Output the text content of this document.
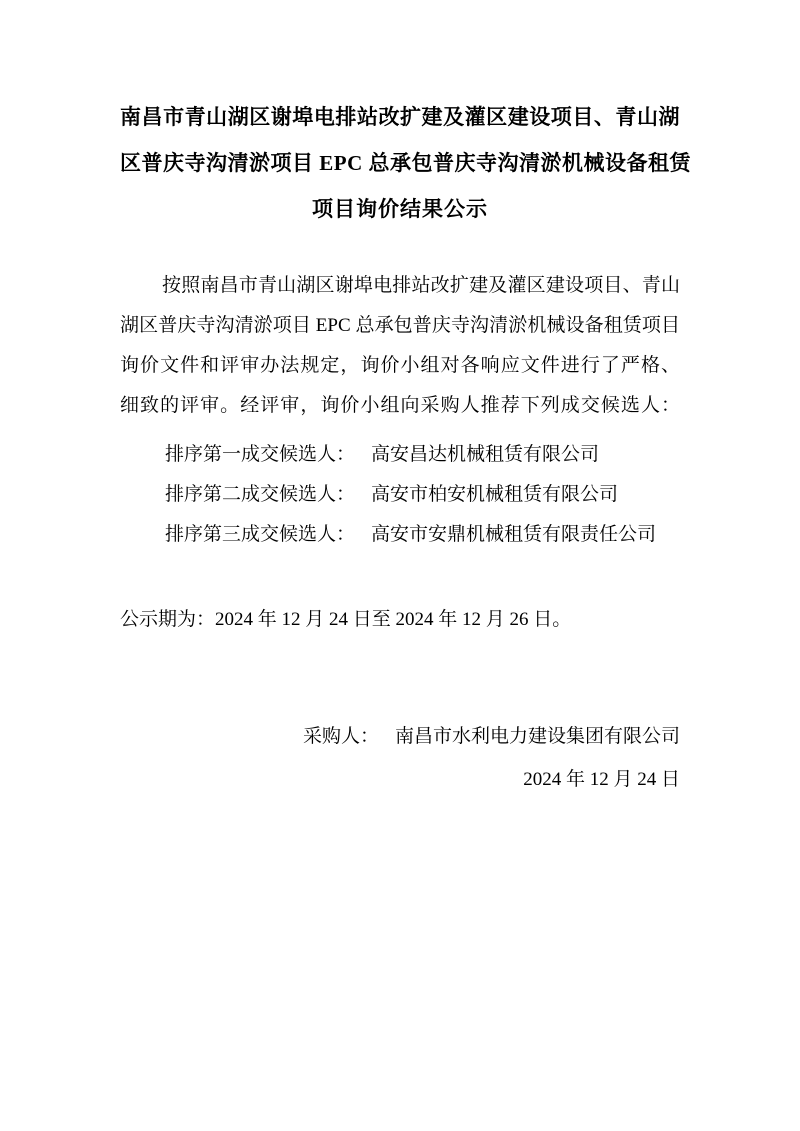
南昌市青山湖区谢埠电排站改扩建及灌区建设项目、青山湖
区普庆寺沟清淤项目 EPC 总承包普庆寺沟清淤机械设备租赁
项目询价结果公示
按照南昌市青山湖区谢埠电排站改扩建及灌区建设项目、青山
湖区普庆寺沟清淤项目 EPC 总承包普庆寺沟清淤机械设备租赁项目
询价文件和评审办法规定，询价小组对各响应文件进行了严格、
细致的评审。经评审，询价小组向采购人推荐下列成交候选人：
排序第一成交候选人： 高安昌达机械租赁有限公司
排序第二成交候选人： 高安市柏安机械租赁有限公司
排序第三成交候选人： 高安市安鼎机械租赁有限责任公司
公示期为：2024 年 12 月 24 日至 2024 年 12 月 26 日。
采购人： 南昌市水利电力建设集团有限公司
2024 年 12 月 24 日
